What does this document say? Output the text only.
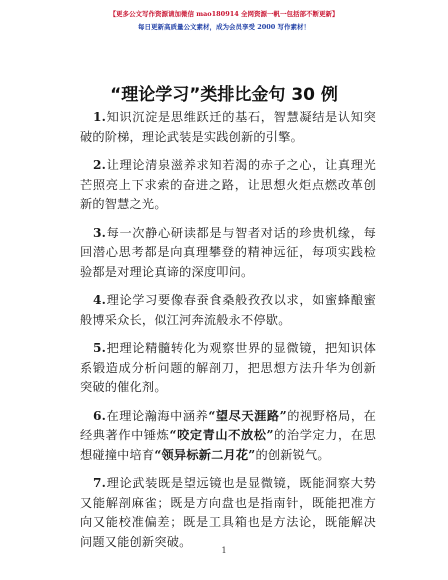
【更多公文写作资源请加微信 mao180914 全网资源一帆一包括部不断更新】
每日更新高质量公文素材，成为会员享受 2000 写作素材！
“理论学习”类排比金句 30 例

1.知识沉淀是思维跃迁的基石，智慧凝结是认知突破的阶梯，理论武装是实践创新的引擎。

2.让理论清泉滋养求知若渴的赤子之心，让真理光芒照亮上下求索的奋进之路，让思想火炬点燃改革创新的智慧之光。

3.每一次静心研读都是与智者对话的珍贵机缘，每回潜心思考都是向真理攀登的精神远征，每项实践检验都是对理论真谛的深度叩问。

4.理论学习要像春蚕食桑般孜孜以求，如蜜蜂酿蜜般博采众长，似江河奔流般永不停歇。

5.把理论精髓转化为观察世界的显微镜，把知识体系锻造成分析问题的解剖刀，把思想方法升华为创新突破的催化剂。

6.在理论瀚海中涵养“望尽天涯路”的视野格局，在经典著作中锤炼“咬定青山不放松”的治学定力，在思想碰撞中培育“领异标新二月花”的创新锐气。

7.理论武装既是望远镜也是显微镜，既能洞察大势又能解剖麻雀；既是方向盘也是指南针，既能把准方向又能校准偏差；既是工具箱也是方法论，既能解决问题又能创新突破。

1
